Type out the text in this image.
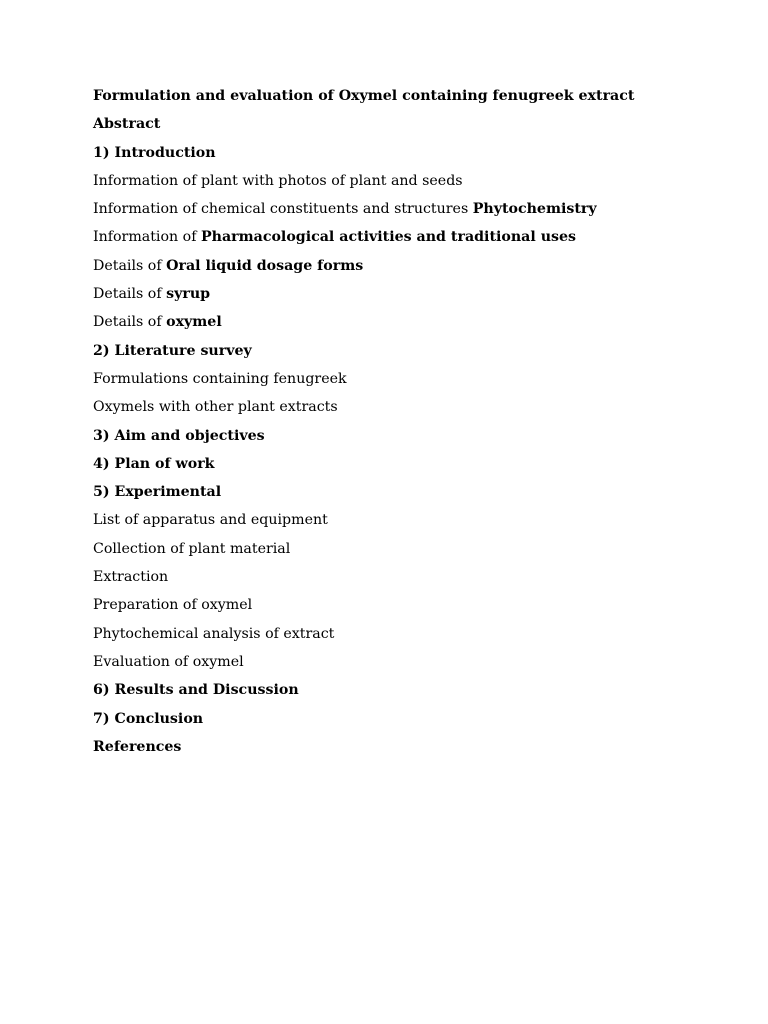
Formulation and evaluation of Oxymel containing fenugreek extract
Abstract
1) Introduction
Information of plant with photos of plant and seeds
Information of chemical constituents and structures Phytochemistry
Information of Pharmacological activities and traditional uses
Details of Oral liquid dosage forms
Details of syrup
Details of oxymel
2) Literature survey
Formulations containing fenugreek
Oxymels with other plant extracts
3) Aim and objectives
4) Plan of work
5) Experimental
List of apparatus and equipment
Collection of plant material
Extraction
Preparation of oxymel
Phytochemical analysis of extract
Evaluation of oxymel
6) Results and Discussion
7) Conclusion
References
